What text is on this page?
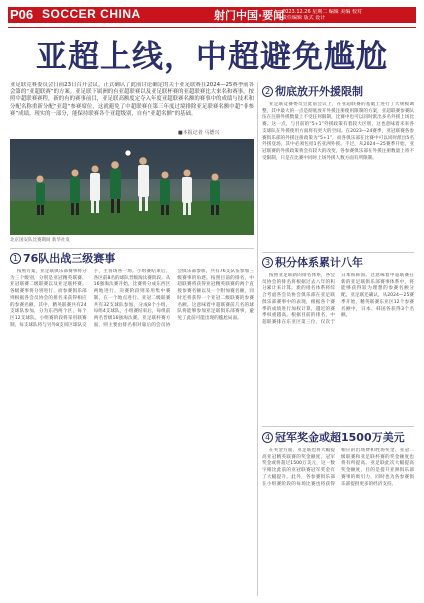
P06 SOCCER CHINA	射门中国·要闻
2023.12.26 星期二 编辑 美编 校对
责任编辑 版式 设计
亚超上线，中超避免尴尬
亚足联竞赛委员会日前23日召开会议，正式确认了此前讨论确定的关于亚足联赛在2024—25赛季前各会第的“亚超联赛”的方案。亚足联下属洲的有亚超联赛以及亚足联杯赛的亚超联赛比大来名和赛事，按照中超联赛赛程，新的有的赛事前目，亚足联高额度定夺入年度亚超联赛名额的赛事中的成绩与技术和分配名称重新分配“亚超”参赛席位，这就避免了中超联赛在第三年度过境排除亚足联赛名额中超“非参赛”成绩。现实的一部分，能保持联赛各个亚超级别，自有“亚超名额”的基础。
■本报记者 马德兴
北京国安队比赛期间 新华社发
2 彻底放开外援限制

亚足联竞赛委员会此前会议上，在亚超联赛的基础上进行了大规模调整，其中最大的一点是彻底放开外援注册使用限制的方案，亚超联赛参赛队伍在注册外援数量上不受任何限制，比赛中也可以同时派出多名外援上场比赛。这一点，与目前的“5+1”外援政策有着较大区别，这也意味着未来各支球队在外援使用方面将有更大的空间。在2023—24赛季，亚冠联赛各参赛俱乐部的外援注册政策为“5+1”，而各俱乐部在比赛中可以同时派出5名外援登场，其中必须包括1名亚洲外援。不过，从2024—25赛季开始，亚冠联赛的外援政策将会有较大的改变，各参赛俱乐部在外援注册数量上将不受限制，只是在比赛中同时上场外援人数方面有所限制。

1 76队出战三级赛事

按照方案，亚足联俱乐部赛事将分为三个级别，分别是亚冠精英联赛、亚冠联赛二级联赛以及亚足联杯赛。各级赛事将分别进行，而参赛俱乐部则根据各会员协会的排名来获得相应的参赛名额。其中，精英联赛共有24支球队参加，分为东西两个区，每个区12支球队，小组赛阶段将采用联赛制，每支球队将与另外8支同区球队交手，主客场各一场。小组赛结束后，各区前8名的球队晋级淘汰赛阶段。从16强淘汰赛开始，比赛将分成东西区两地进行，决赛阶段则采用集中赛制，在一个地点进行。亚冠二级联赛共有32支球队参加，分成8个小组，每组4支球队，小组赛结束后，每组前两名晋级16强淘汰赛。亚足联杯赛方面，则主要由排名相对靠后的会员协会俱乐部参加，共有76支队伍参加三级赛事的角逐。按照目前的排名，中超联赛将获得亚冠精英联赛的两个直接参赛名额以及一个附加赛名额，同时还将获得一个亚冠二级联赛的参赛名额。这意味着中超联赛前几名的球队将能够参加亚足联俱乐部赛事，避免了此前可能出现的尴尬局面。

3 积分体系累计八年

按照亚足联新的排名体系，各会员协会的排名将根据过去八年的积分累计来计算。新的排名体系将综合考虑各会员协会俱乐部在亚足联俱乐部赛事中的表现，根据各个赛季的成绩进行加权计算，越近的赛季权重越高。根据目前的排名，中超联赛排在东亚区第三位，仅次于日本和韩国。这意味着中超联赛在新的亚足联俱乐部赛事体系中，将能够获得较为理想的参赛名额分配。亚足联还确认，从2024—25赛季开始，精英联赛东亚区12个参赛名额中，日本、韩国各获得3个名额。

4 冠军奖金或超1500万美元

在奖金方面，亚足联也将大幅提高亚冠精英联赛的奖金额度，冠军奖金或将超过1500万美元，这一数字相比此前的亚冠联赛冠军奖金有了大幅提升。此外，各参赛俱乐部在小组赛阶段的每场比赛也将获得相应的出场费和胜场奖金。亚冠二级联赛和亚足联杯赛的奖金额度也将有所提高。亚足联此次大幅提高奖金额度，目的是提升亚洲俱乐部赛事的吸引力，同时也为各参赛俱乐部提供更多的经济支持。
